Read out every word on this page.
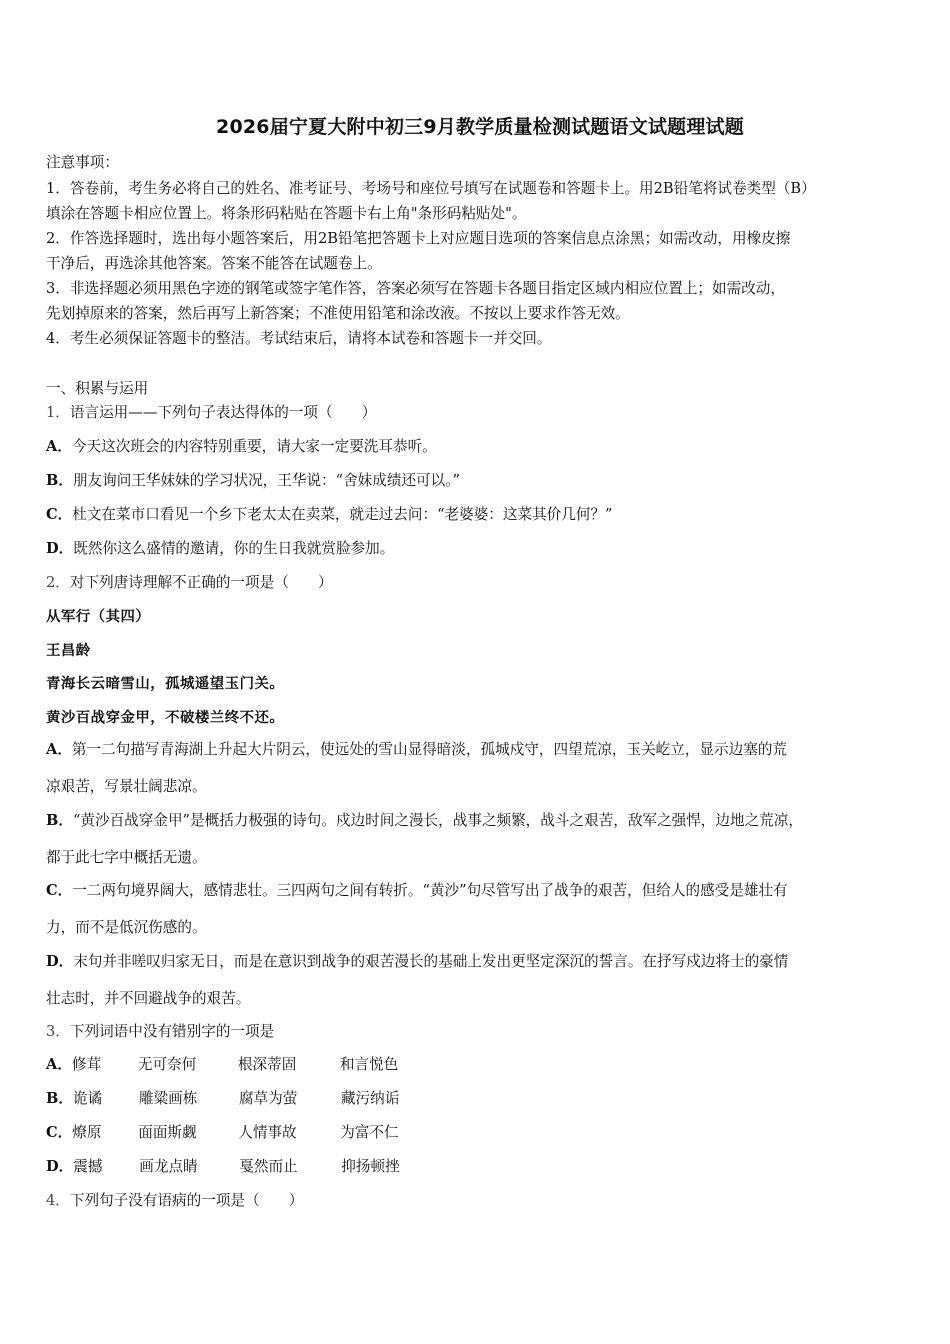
2026届宁夏大附中初三9月教学质量检测试题语文试题理试题
注意事项：
1．答卷前，考生务必将自己的姓名、准考证号、考场号和座位号填写在试题卷和答题卡上。用2B铅笔将试卷类型（B）
填涂在答题卡相应位置上。将条形码粘贴在答题卡右上角"条形码粘贴处"。
2．作答选择题时，选出每小题答案后，用2B铅笔把答题卡上对应题目选项的答案信息点涂黑；如需改动，用橡皮擦
干净后，再选涂其他答案。答案不能答在试题卷上。
3．非选择题必须用黑色字迹的钢笔或签字笔作答，答案必须写在答题卡各题目指定区域内相应位置上；如需改动，
先划掉原来的答案，然后再写上新答案；不准使用铅笔和涂改液。不按以上要求作答无效。
4．考生必须保证答题卡的整洁。考试结束后，请将本试卷和答题卡一并交回。
一、积累与运用
1．语言运用——下列句子表达得体的一项（　　）
A．今天这次班会的内容特别重要，请大家一定要洗耳恭听。
B．朋友询问王华妹妹的学习状况，王华说：“舍妹成绩还可以。”
C．杜文在菜市口看见一个乡下老太太在卖菜，就走过去问：“老婆婆：这菜其价几何？”
D．既然你这么盛情的邀请，你的生日我就赏脸参加。
2．对下列唐诗理解不正确的一项是（　　）
从军行（其四）
王昌龄
青海长云暗雪山，孤城遥望玉门关。
黄沙百战穿金甲，不破楼兰终不还。
A．第一二句描写青海湖上升起大片阴云，使远处的雪山显得暗淡，孤城戍守，四望荒凉，玉关屹立，显示边塞的荒
凉艰苦，写景壮阔悲凉。
B．“黄沙百战穿金甲”是概括力极强的诗句。戍边时间之漫长，战事之频繁，战斗之艰苦，敌军之强悍，边地之荒凉，
都于此七字中概括无遗。
C．一二两句境界阔大，感情悲壮。三四两句之间有转折。“黄沙”句尽管写出了战争的艰苦，但给人的感受是雄壮有
力，而不是低沉伤感的。
D．末句并非嗟叹归家无日，而是在意识到战争的艰苦漫长的基础上发出更坚定深沉的誓言。在抒写戍边将士的豪情
壮志时，并不回避战争的艰苦。
3．下列词语中没有错别字的一项是
A．修茸	无可奈何	根深蒂固	和言悦色
B．诡谲	雕粱画栋	腐草为萤	藏污纳诟
C．燎原	面面斯觑	人情事故	为富不仁
D．震撼	画龙点睛	戛然而止	抑扬顿挫
4．下列句子没有语病的一项是（　　）
